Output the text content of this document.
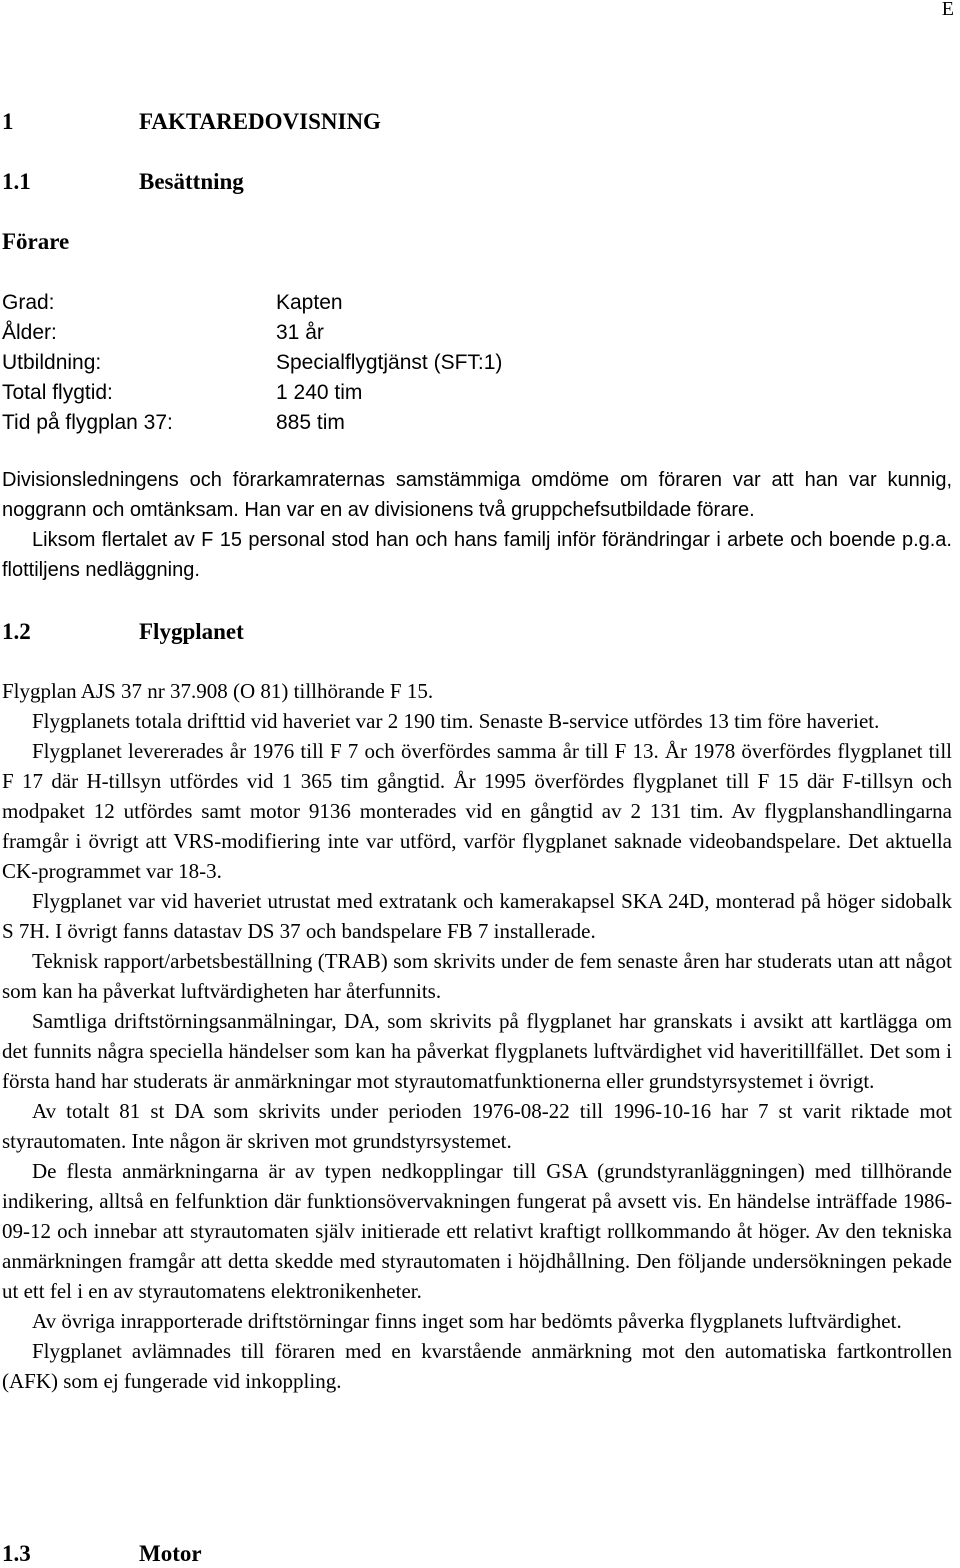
E
1	FAKTAREDOVISNING
1.1	Besättning
Förare
Grad:	Kapten
Ålder:	31 år
Utbildning:	Specialflygtjänst (SFT:1)
Total flygtid:	1 240 tim
Tid på flygplan 37:	885 tim

Divisionsledningens och förarkamraternas samstämmiga omdöme om föraren var att han var kunnig, noggrann och omtänksam. Han var en av divisionens två gruppchefsutbildade förare.

Liksom flertalet av F 15 personal stod han och hans familj inför förändringar i arbete och boende p.g.a. flottiljens nedläggning.

1.2	Flygplanet

Flygplan AJS 37 nr 37.908 (O 81) tillhörande F 15.

Flygplanets totala drifttid vid haveriet var 2 190 tim. Senaste B-service utfördes 13 tim före haveriet.

Flygplanet levererades år 1976 till F 7 och överfördes samma år till F 13. År 1978 överfördes flygplanet till F 17 där H-tillsyn utfördes vid 1 365 tim gångtid. År 1995 överfördes flygplanet till F 15 där F-tillsyn och modpaket 12 utfördes samt motor 9136 monterades vid en gångtid av 2 131 tim. Av flygplanshandlingarna framgår i övrigt att VRS-modifiering inte var utförd, varför flygplanet saknade videobandspelare. Det aktuella CK-programmet var 18-3.

Flygplanet var vid haveriet utrustat med extratank och kamerakapsel SKA 24D, monterad på höger sidobalk S 7H. I övrigt fanns datastav DS 37 och bandspelare FB 7 installerade.

Teknisk rapport/arbetsbeställning (TRAB) som skrivits under de fem senaste åren har studerats utan att något som kan ha påverkat luftvärdigheten har återfunnits.

Samtliga driftstörningsanmälningar, DA, som skrivits på flygplanet har granskats i avsikt att kartlägga om det funnits några speciella händelser som kan ha påverkat flygplanets luftvärdighet vid haveritillfället. Det som i första hand har studerats är anmärkningar mot styrautomatfunktionerna eller grundstyrsystemet i övrigt.

Av totalt 81 st DA som skrivits under perioden 1976-08-22 till 1996-10-16 har 7 st varit riktade mot styrautomaten. Inte någon är skriven mot grundstyrsystemet.

De flesta anmärkningarna är av typen nedkopplingar till GSA (grundstyranläggningen) med tillhörande indikering, alltså en felfunktion där funktionsövervakningen fungerat på avsett vis. En händelse inträffade 1986-09-12 och innebar att styrautomaten själv initierade ett relativt kraftigt rollkommando åt höger. Av den tekniska anmärkningen framgår att detta skedde med styrautomaten i höjdhållning. Den följande undersökningen pekade ut ett fel i en av styrautomatens elektronikenheter.

Av övriga inrapporterade driftstörningar finns inget som har bedömts påverka flygplanets luftvärdighet.

Flygplanet avlämnades till föraren med en kvarstående anmärkning mot den automatiska fartkontrollen (AFK) som ej fungerade vid inkoppling.

1.3	Motor
